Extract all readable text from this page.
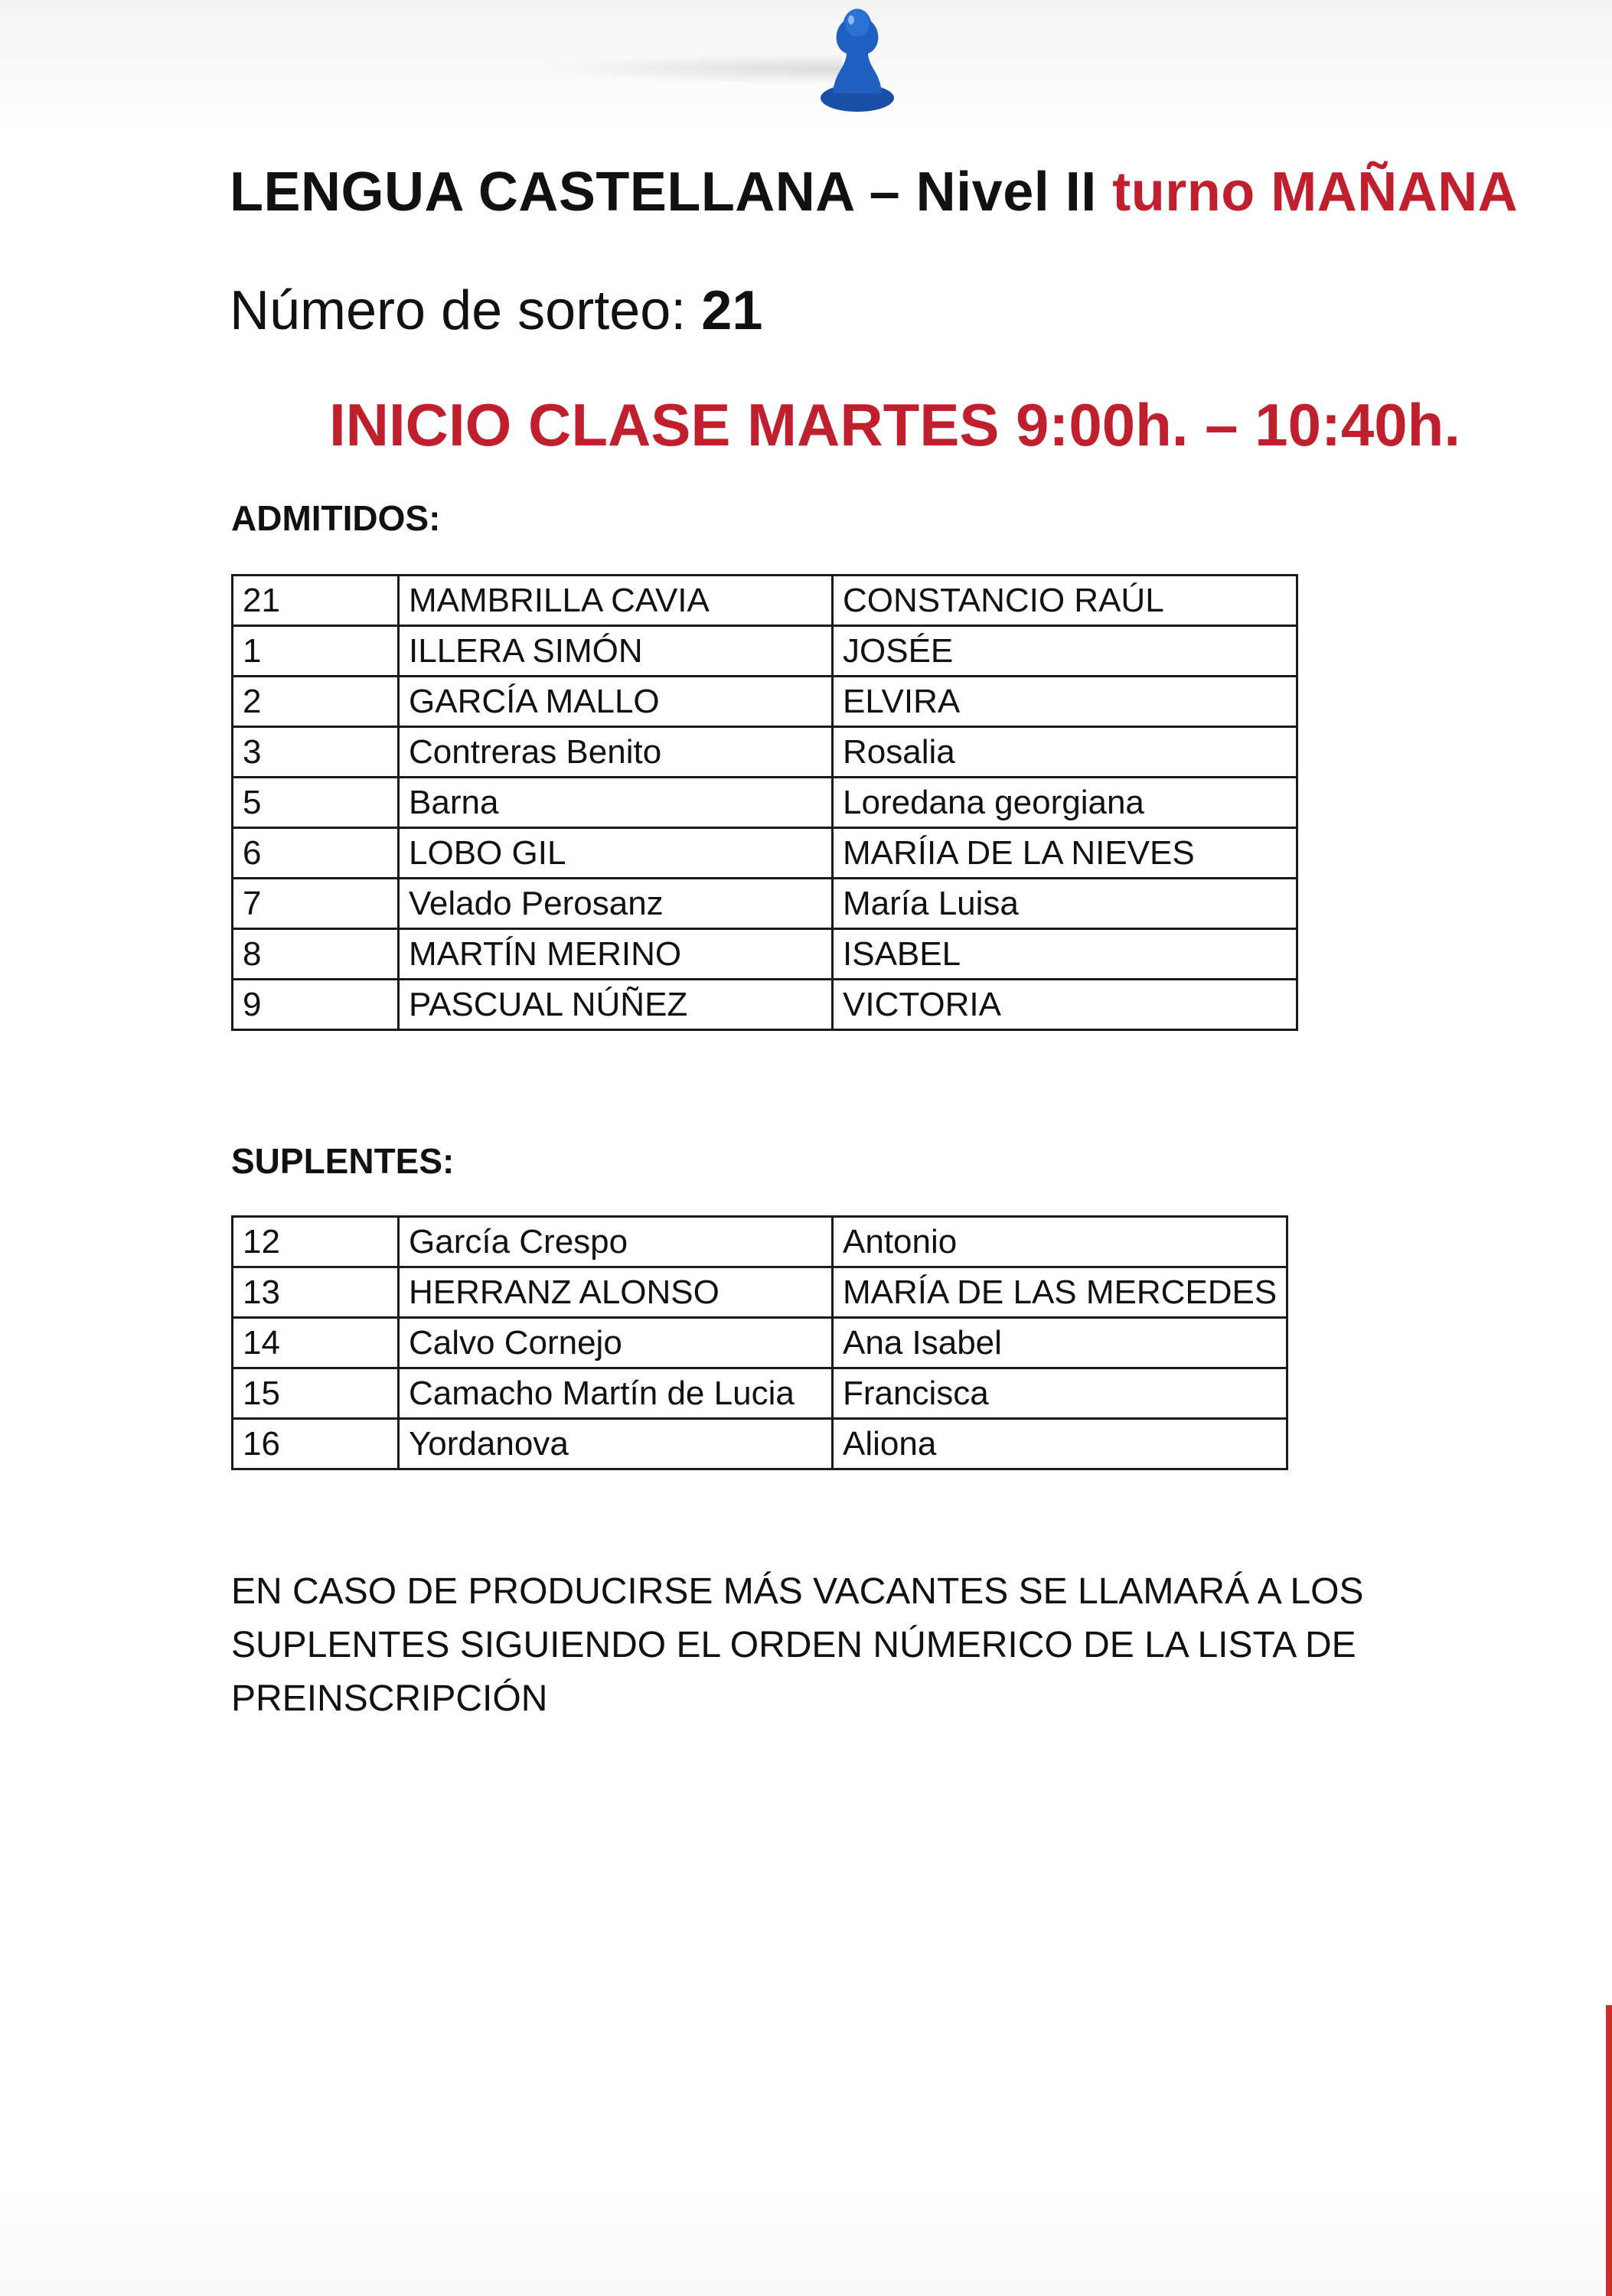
LENGUA CASTELLANA – Nivel II turno MAÑANA
Número de sorteo: 21
INICIO CLASE MARTES 9:00h. – 10:40h.
ADMITIDOS:
21	MAMBRILLA CAVIA	CONSTANCIO RAÚL
1	ILLERA SIMÓN	JOSÉE
2	GARCÍA MALLO	ELVIRA
3	Contreras Benito	Rosalia
5	Barna	Loredana georgiana
6	LOBO GIL	MARÍIA DE LA NIEVES
7	Velado Perosanz	María Luisa
8	MARTÍN MERINO	ISABEL
9	PASCUAL NÚÑEZ	VICTORIA
SUPLENTES:
12	García Crespo	Antonio
13	HERRANZ ALONSO	MARÍA DE LAS MERCEDES
14	Calvo Cornejo	Ana Isabel
15	Camacho Martín de Lucia	Francisca
16	Yordanova	Aliona
EN CASO DE PRODUCIRSE MÁS VACANTES SE LLAMARÁ A LOS SUPLENTES SIGUIENDO EL ORDEN NÚMERICO DE LA LISTA DE PREINSCRIPCIÓN
